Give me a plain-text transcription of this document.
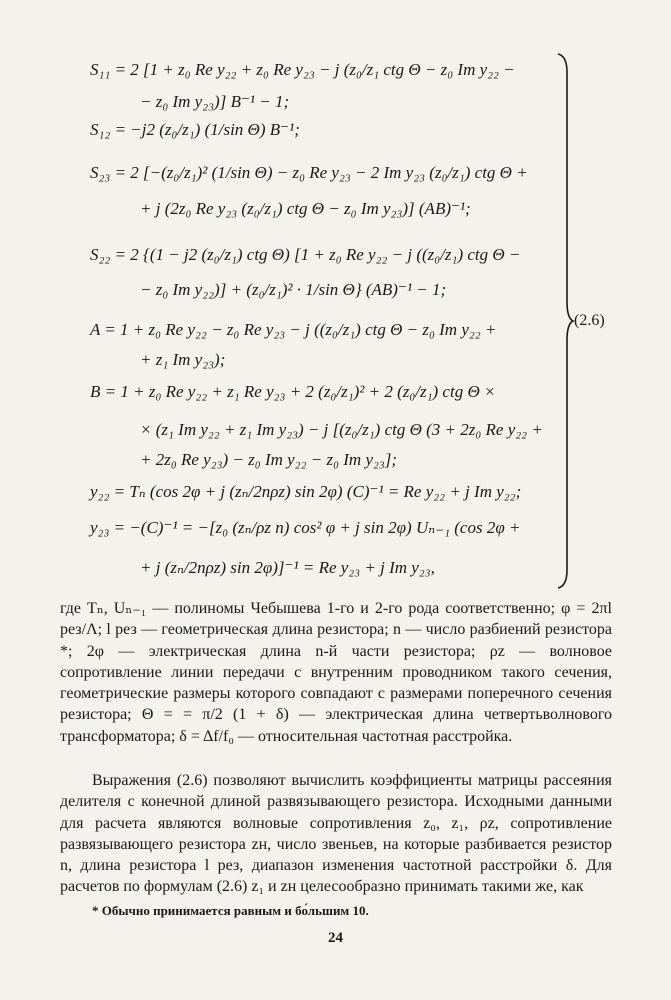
S₁₁ = 2 [1 + z₀ Re y₂₂ + z₀ Re y₂₃ − j (z₀/z₁ ctg Θ − z₀ Im y₂₂ −
− z₀ Im y₂₃)] B⁻¹ − 1;
S₁₂ = −j2 (z₀/z₁) (1/sin Θ) B⁻¹;
S₂₃ = 2 [−(z₀/z₁)² (1/sin Θ) − z₀ Re y₂₃ − 2 Im y₂₃ (z₀/z₁) ctg Θ +
+ j (2z₀ Re y₂₃ (z₀/z₁) ctg Θ − z₀ Im y₂₃)] (AB)⁻¹;
S₂₂ = 2 {(1 − j2 (z₀/z₁) ctg Θ) [1 + z₀ Re y₂₂ − j ((z₀/z₁) ctg Θ −
− z₀ Im y₂₂)] + (z₀/z₁)² · 1/sin Θ} (AB)⁻¹ − 1;
A = 1 + z₀ Re y₂₂ − z₀ Re y₂₃ − j ((z₀/z₁) ctg Θ − z₀ Im y₂₂ +
+ z₁ Im y₂₃);
B = 1 + z₀ Re y₂₂ + z₁ Re y₂₃ + 2 (z₀/z₁)² + 2 (z₀/z₁) ctg Θ ×
× (z₁ Im y₂₂ + z₁ Im y₂₃) − j [(z₀/z₁) ctg Θ (3 + 2z₀ Re y₂₂ +
+ 2z₀ Re y₂₃) − z₀ Im y₂₂ − z₀ Im y₂₃];
y₂₂ = Tₙ (cos 2φ + j (zₙ/2nρz) sin 2φ) (C)⁻¹ = Re y₂₂ + j Im y₂₂;
y₂₃ = −(C)⁻¹ = −[z₀ (zₙ/ρz n) cos² φ + j sin 2φ) Uₙ₋₁ (cos 2φ +
+ j (zₙ/2nρz) sin 2φ)]⁻¹ = Re y₂₃ + j Im y₂₃,
(2.6)

где Tₙ, Uₙ₋₁ — полиномы Чебышева 1-го и 2-го рода соответственно; φ = 2πl рез/Λ; l рез — геометрическая длина резистора; n — число разбиений резистора *; 2φ — электрическая длина n-й части резистора; ρz — волновое сопротивление линии передачи с внутренним проводником такого сечения, геометрические размеры которого совпадают с размерами поперечного сечения резистора; Θ = = π/2 (1 + δ) — электрическая длина четвертьволнового трансформатора; δ = Δf/f₀ — относительная частотная расстройка.

Выражения (2.6) позволяют вычислить коэффициенты матрицы рассеяния делителя с конечной длиной развязывающего резистора. Исходными данными для расчета являются волновые сопротивления z₀, z₁, ρz, сопротивление развязывающего резистора zн, число звеньев, на которые разбивается резистор n, длина резистора l рез, диапазон изменения частотной расстройки δ. Для расчетов по формулам (2.6) z₁ и zн целесообразно принимать такими же, как

* Обычно принимается равным и бо́льшим 10.
24
